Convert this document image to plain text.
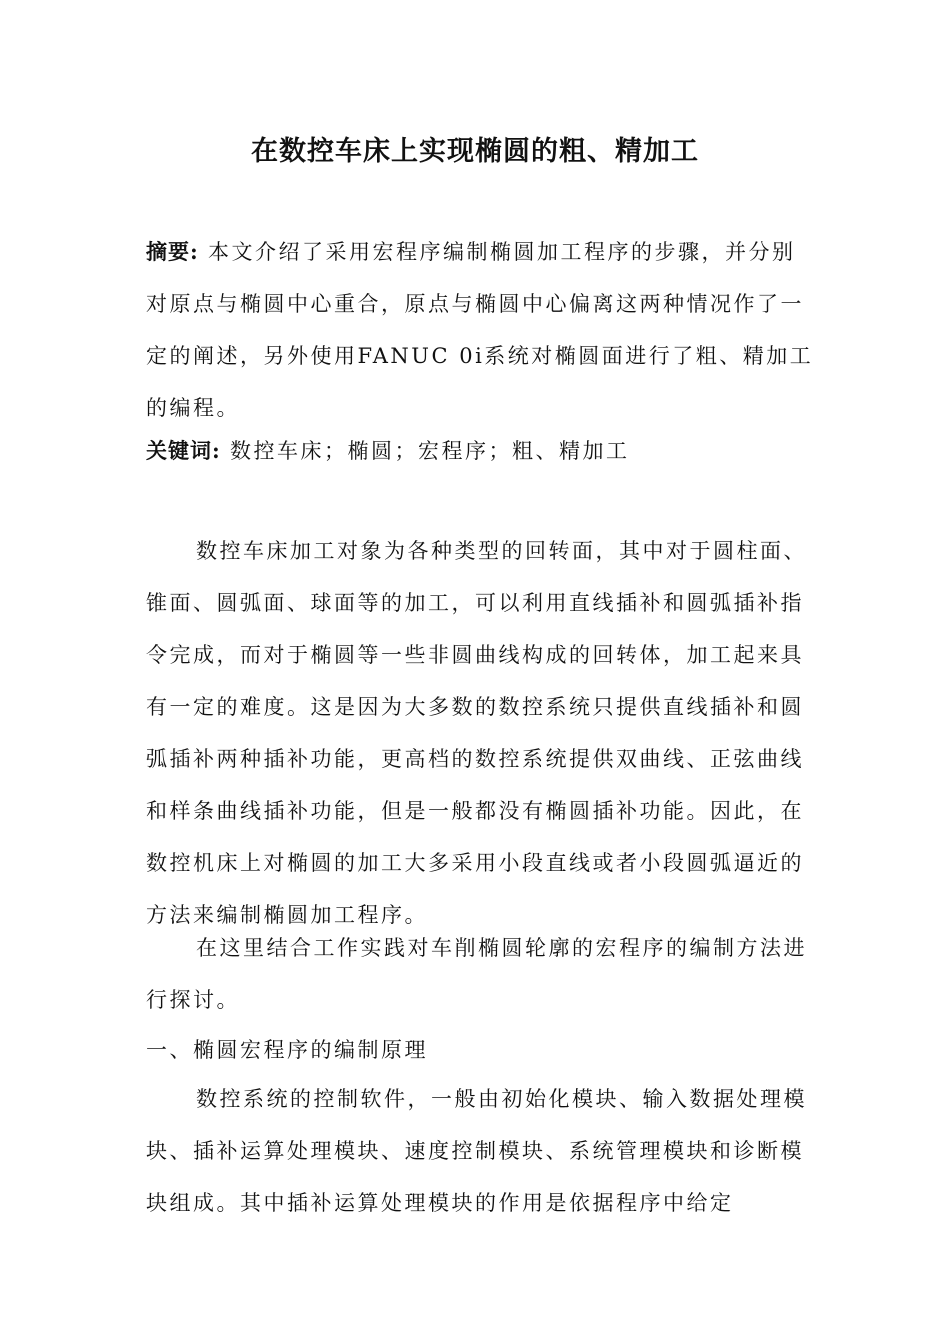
在数控车床上实现椭圆的粗、精加工

摘要: 本文介绍了采用宏程序编制椭圆加工程序的步骤，并分别对原点与椭圆中心重合，原点与椭圆中心偏离这两种情况作了一定的阐述，另外使用FANUC 0i系统对椭圆面进行了粗、精加工的编程。

关键词: 数控车床；椭圆；宏程序；粗、精加工

数控车床加工对象为各种类型的回转面，其中对于圆柱面、锥面、圆弧面、球面等的加工，可以利用直线插补和圆弧插补指令完成，而对于椭圆等一些非圆曲线构成的回转体，加工起来具有一定的难度。这是因为大多数的数控系统只提供直线插补和圆弧插补两种插补功能，更高档的数控系统提供双曲线、正弦曲线和样条曲线插补功能，但是一般都没有椭圆插补功能。因此，在数控机床上对椭圆的加工大多采用小段直线或者小段圆弧逼近的方法来编制椭圆加工程序。

在这里结合工作实践对车削椭圆轮廓的宏程序的编制方法进行探讨。

一、椭圆宏程序的编制原理

数控系统的控制软件，一般由初始化模块、输入数据处理模块、插补运算处理模块、速度控制模块、系统管理模块和诊断模块组成。其中插补运算处理模块的作用是依据程序中给定
